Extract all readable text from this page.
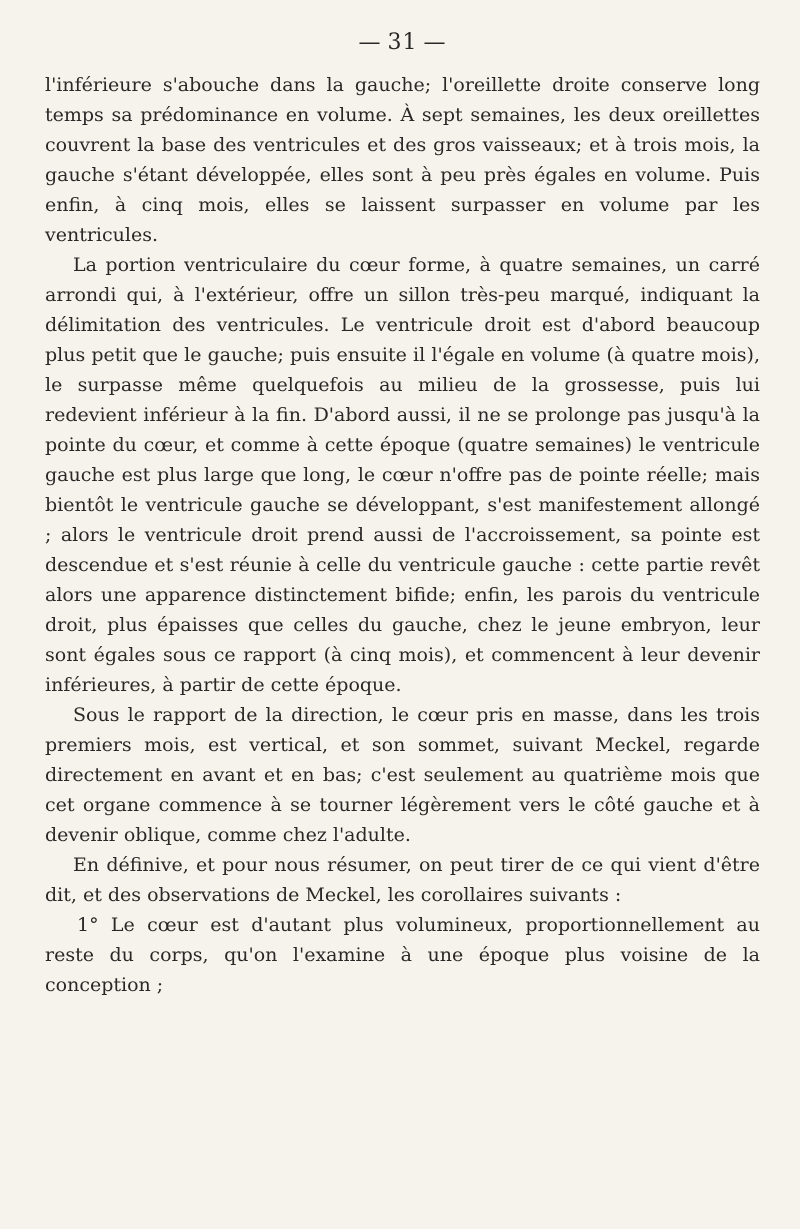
— 31 —

l'inférieure s'abouche dans la gauche; l'oreillette droite conserve long temps sa prédominance en volume. À sept semaines, les deux oreillettes couvrent la base des ventricules et des gros vaisseaux; et à trois mois, la gauche s'étant développée, elles sont à peu près égales en volume. Puis enfin, à cinq mois, elles se laissent surpasser en volume par les ventricules.

La portion ventriculaire du cœur forme, à quatre semaines, un carré arrondi qui, à l'extérieur, offre un sillon très-peu marqué, indiquant la délimitation des ventricules. Le ventricule droit est d'abord beaucoup plus petit que le gauche; puis ensuite il l'égale en volume (à quatre mois), le surpasse même quelquefois au milieu de la grossesse, puis lui redevient inférieur à la fin. D'abord aussi, il ne se prolonge pas jusqu'à la pointe du cœur, et comme à cette époque (quatre semaines) le ventricule gauche est plus large que long, le cœur n'offre pas de pointe réelle; mais bientôt le ventricule gauche se développant, s'est manifestement allongé ; alors le ventricule droit prend aussi de l'accroissement, sa pointe est descendue et s'est réunie à celle du ventricule gauche : cette partie revêt alors une apparence distinctement bifide; enfin, les parois du ventricule droit, plus épaisses que celles du gauche, chez le jeune embryon, leur sont égales sous ce rapport (à cinq mois), et commencent à leur devenir inférieures, à partir de cette époque.

Sous le rapport de la direction, le cœur pris en masse, dans les trois premiers mois, est vertical, et son sommet, suivant Meckel, regarde directement en avant et en bas; c'est seulement au quatrième mois que cet organe commence à se tourner légèrement vers le côté gauche et à devenir oblique, comme chez l'adulte.

En définive, et pour nous résumer, on peut tirer de ce qui vient d'être dit, et des observations de Meckel, les corollaires suivants :

1° Le cœur est d'autant plus volumineux, proportionnellement au reste du corps, qu'on l'examine à une époque plus voisine de la conception ;
